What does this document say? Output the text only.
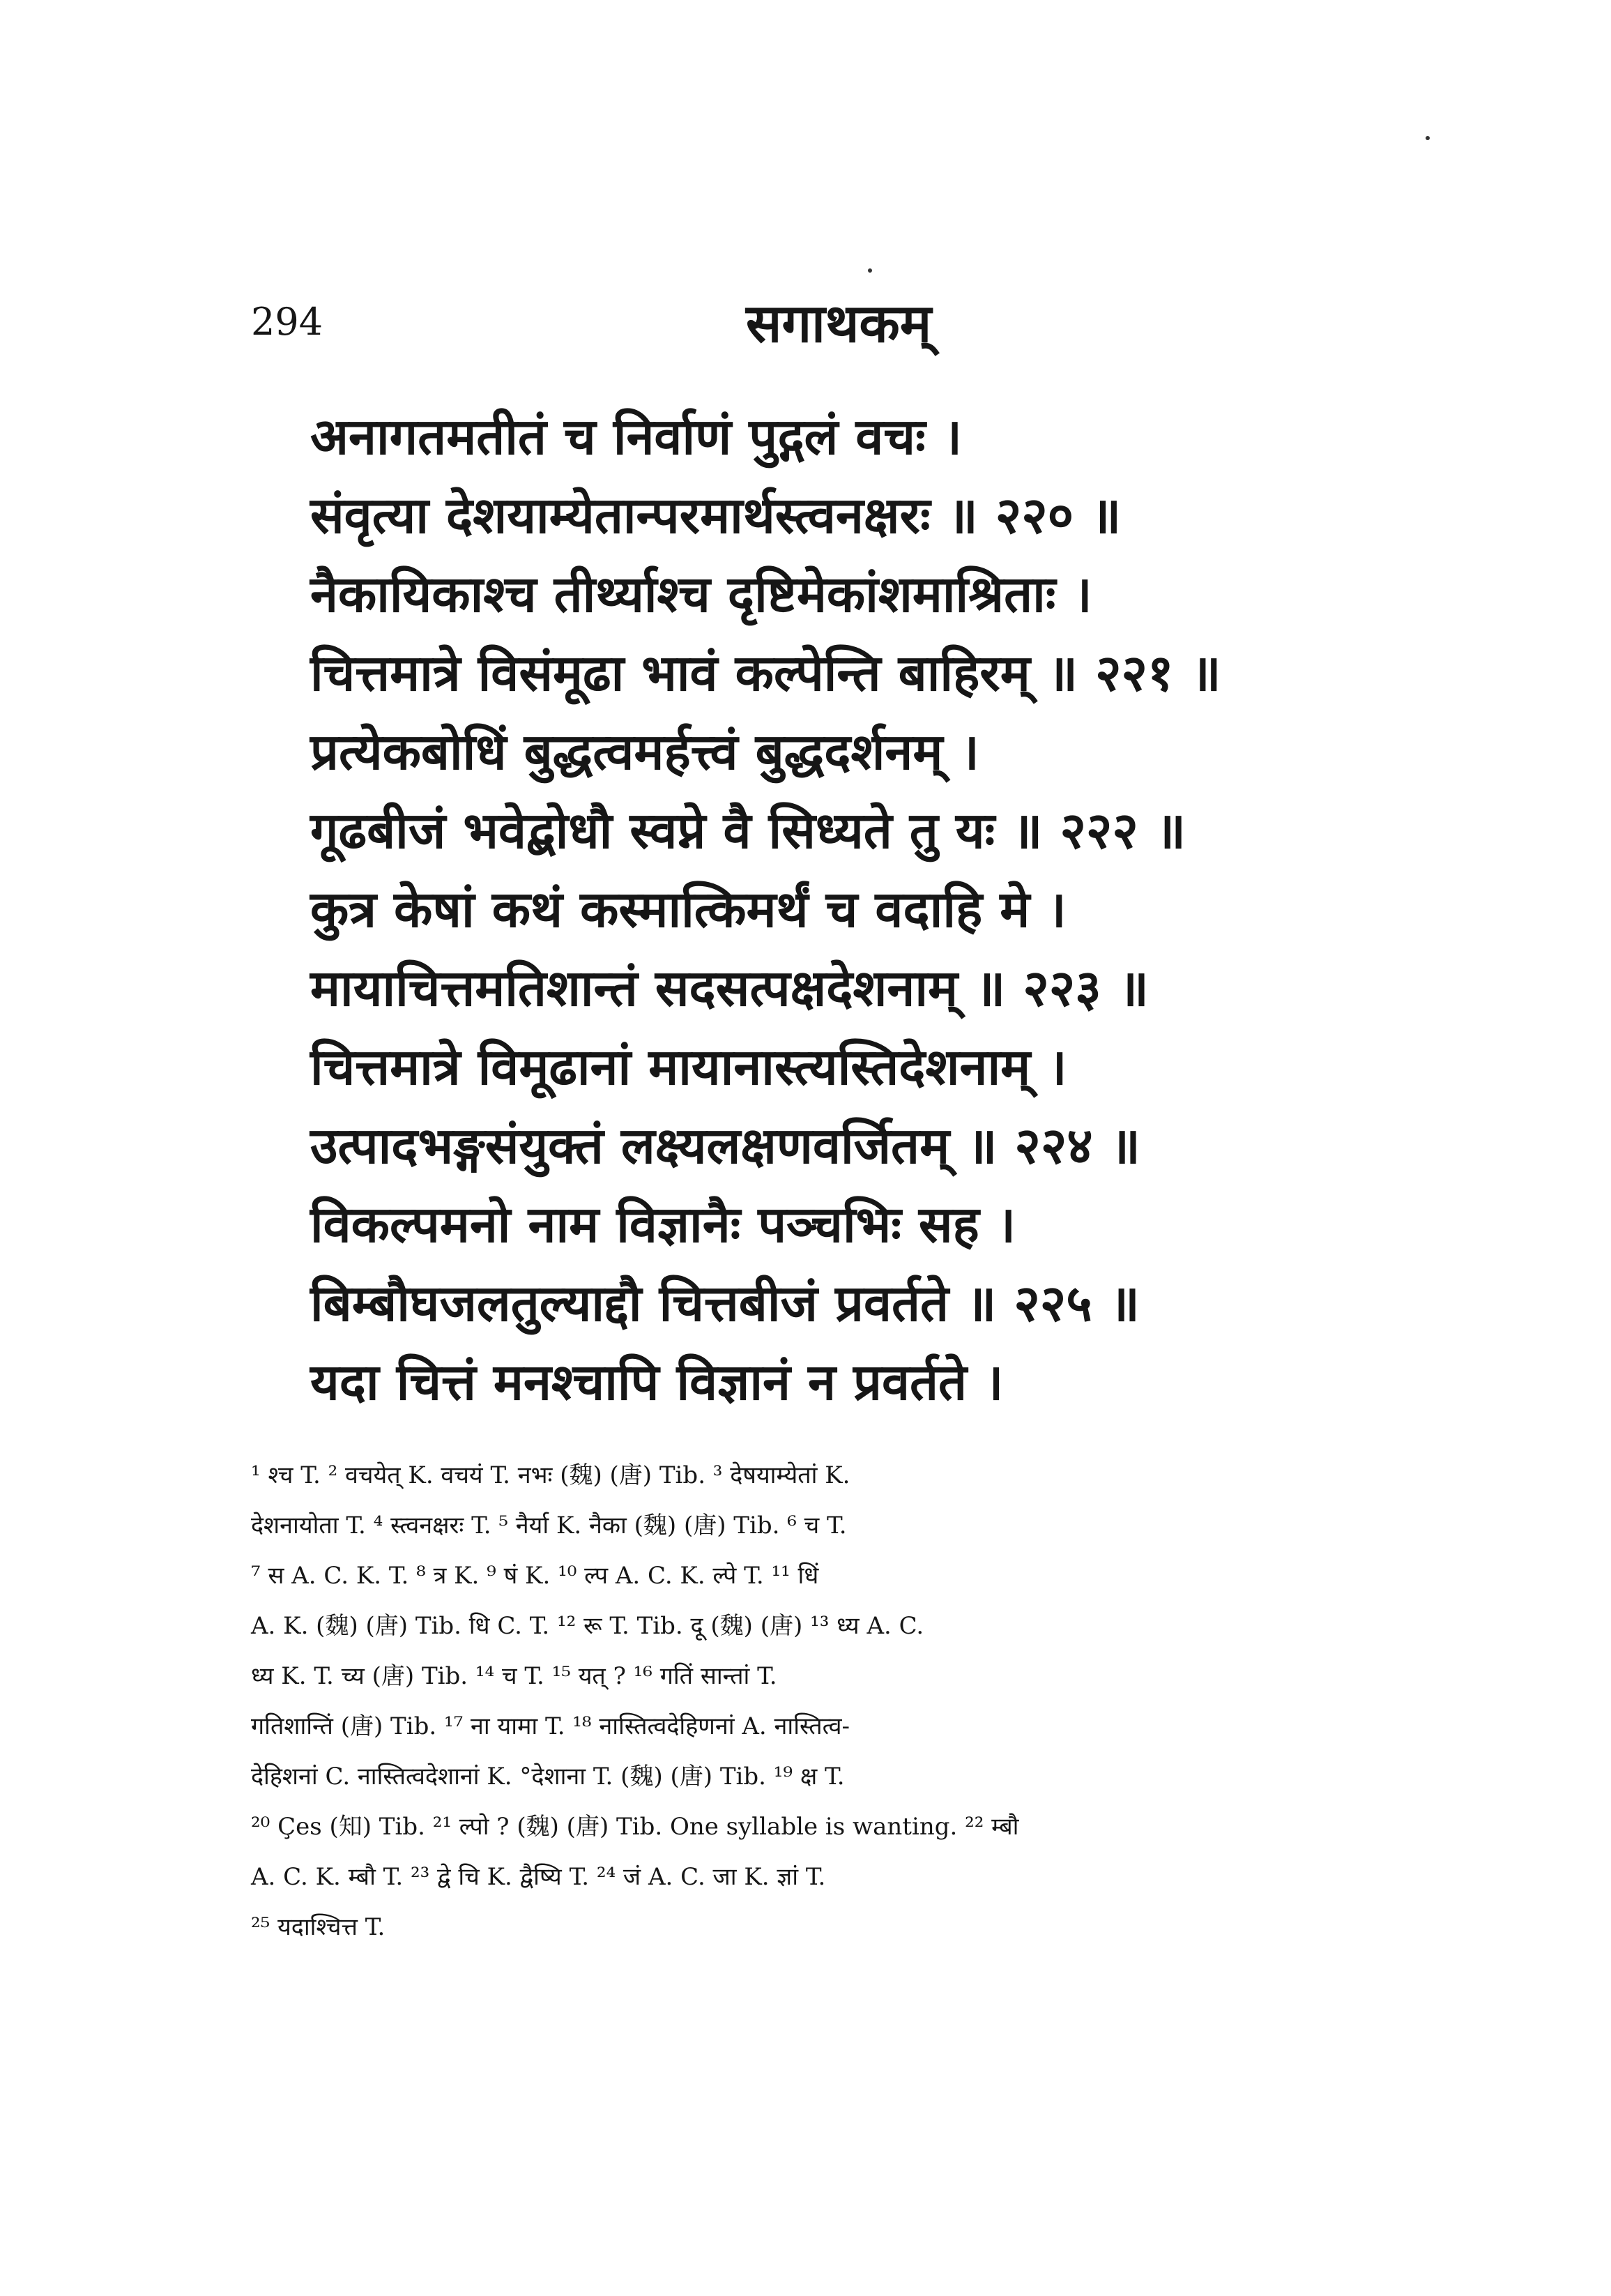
294	सगाथकम्
अनागतमतीतं च निर्वाणं पुद्गलं वचः ।
संवृत्या देशयाम्येतान्परमार्थस्त्वनक्षरः ॥ २२० ॥
नैकायिकाश्च तीर्थ्याश्च दृष्टिमेकांशमाश्रिताः ।
चित्तमात्रे विसंमूढा भावं कल्पेन्ति बाहिरम् ॥ २२१ ॥
प्रत्येकबोधिं बुद्धत्वमर्हत्त्वं बुद्धदर्शनम् ।
गूढबीजं भवेद्बोधौ स्वप्ने वै सिध्यते तु यः ॥ २२२ ॥
कुत्र केषां कथं कस्मात्किमर्थं च वदाहि मे ।
मायाचित्तमतिशान्तं सदसत्पक्षदेशनाम् ॥ २२३ ॥
चित्तमात्रे विमूढानां मायानास्त्यस्तिदेशनाम् ।
उत्पादभङ्गसंयुक्तं लक्ष्यलक्षणवर्जितम् ॥ २२४ ॥
विकल्पमनो नाम विज्ञानैः पञ्चभिः सह ।
बिम्बौघजलतुल्याद्दौ चित्तबीजं प्रवर्तते ॥ २२५ ॥
यदा चित्तं मनश्चापि विज्ञानं न प्रवर्तते ।
¹ श्च T. ² वचयेत् K. वचयं T. नभः (魏) (唐) Tib. ³ देषयाम्येतां K.
देशनायोता T. ⁴ स्त्वनक्षरः T. ⁵ नैर्या K. नैका (魏) (唐) Tib. ⁶ च T.
⁷ स A. C. K. T. ⁸ त्र K. ⁹ षं K. ¹⁰ ल्प A. C. K. ल्पे T. ¹¹ धिं
A. K. (魏) (唐) Tib. धि C. T. ¹² रू T. Tib. दू (魏) (唐) ¹³ ध्य A. C.
ध्य K. T. च्य (唐) Tib. ¹⁴ च T. ¹⁵ यत् ? ¹⁶ गतिं सान्तां T.
गतिशान्तिं (唐) Tib. ¹⁷ ना यामा T. ¹⁸ नास्तित्वदेहिणनां A. नास्तित्व-
देहिशनां C. नास्तित्वदेशानां K. °देशाना T. (魏) (唐) Tib. ¹⁹ क्ष T.
²⁰ Çes (知) Tib. ²¹ ल्पो ? (魏) (唐) Tib. One syllable is wanting. ²² म्बौ
A. C. K. म्बौ T. ²³ द्वे चि K. द्वैष्यि T. ²⁴ जं A. C. जा K. ज्ञां T.
²⁵ यदाश्चित्त T.
